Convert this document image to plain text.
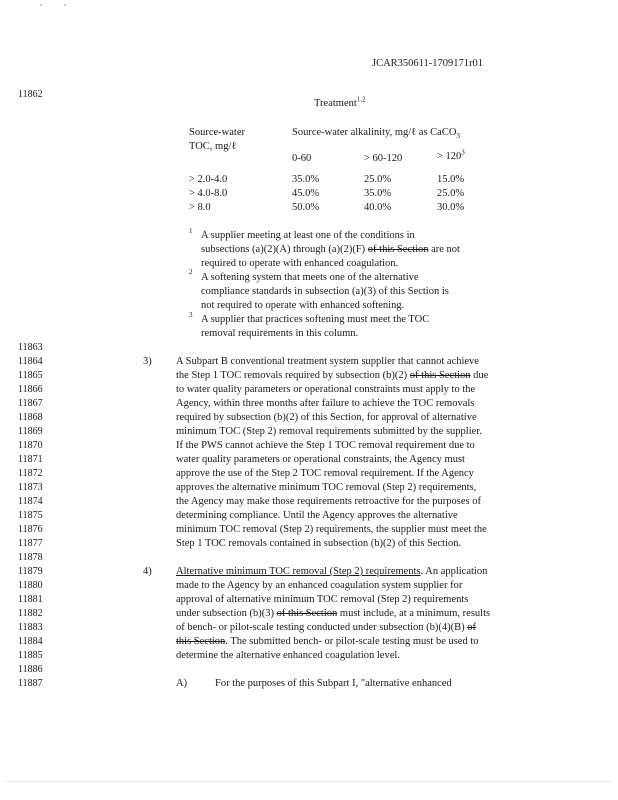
JCAR350611-1709171r01
11862
Treatment$^{1,2}$
Source-water
TOC, mg/ℓ
Source-water alkalinity, mg/ℓ as CaCO$_3$
0-60	> 60-120	> $120^3$
> 2.0-4.0	35.0%	25.0%	15.0%
> 4.0-8.0	45.0%	35.0%	25.0%
> 8.0	50.0%	40.0%	30.0%
1 A supplier meeting at least one of the conditions in
subsections (a)(2)(A) through (a)(2)(F) of this Section are not
required to operate with enhanced coagulation.
2 A softening system that meets one of the alternative
compliance standards in subsection (a)(3) of this Section is
not required to operate with enhanced softening.
3 A supplier that practices softening must meet the TOC
removal requirements in this column.
11863
11864
11865
11866
11867
11868
11869
11870
11871
11872
11873
11874
11875
11876
11877
11878
11879
11880
11881
11882
11883
11884
11885
11886
11887
3) A Subpart B conventional treatment system supplier that cannot achieve
the Step 1 TOC removals required by subsection (b)(2) of this Section due
to water quality parameters or operational constraints must apply to the
Agency, within three months after failure to achieve the TOC removals
required by subsection (b)(2) of this Section, for approval of alternative
minimum TOC (Step 2) removal requirements submitted by the supplier.
If the PWS cannot achieve the Step 1 TOC removal requirement due to
water quality parameters or operational constraints, the Agency must
approve the use of the Step 2 TOC removal requirement. If the Agency
approves the alternative minimum TOC removal (Step 2) requirements,
the Agency may make those requirements retroactive for the purposes of
determining compliance. Until the Agency approves the alternative
minimum TOC removal (Step 2) requirements, the supplier must meet the
Step 1 TOC removals contained in subsection (b)(2) of this Section.
4) Alternative minimum TOC removal (Step 2) requirements. An application
made to the Agency by an enhanced coagulation system supplier for
approval of alternative minimum TOC removal (Step 2) requirements
under subsection (b)(3) of this Section must include, at a minimum, results
of bench- or pilot-scale testing conducted under subsection (b)(4)(B) of
this Section. The submitted bench- or pilot-scale testing must be used to
determine the alternative enhanced coagulation level.
A)	For the purposes of this Subpart I, "alternative enhanced
